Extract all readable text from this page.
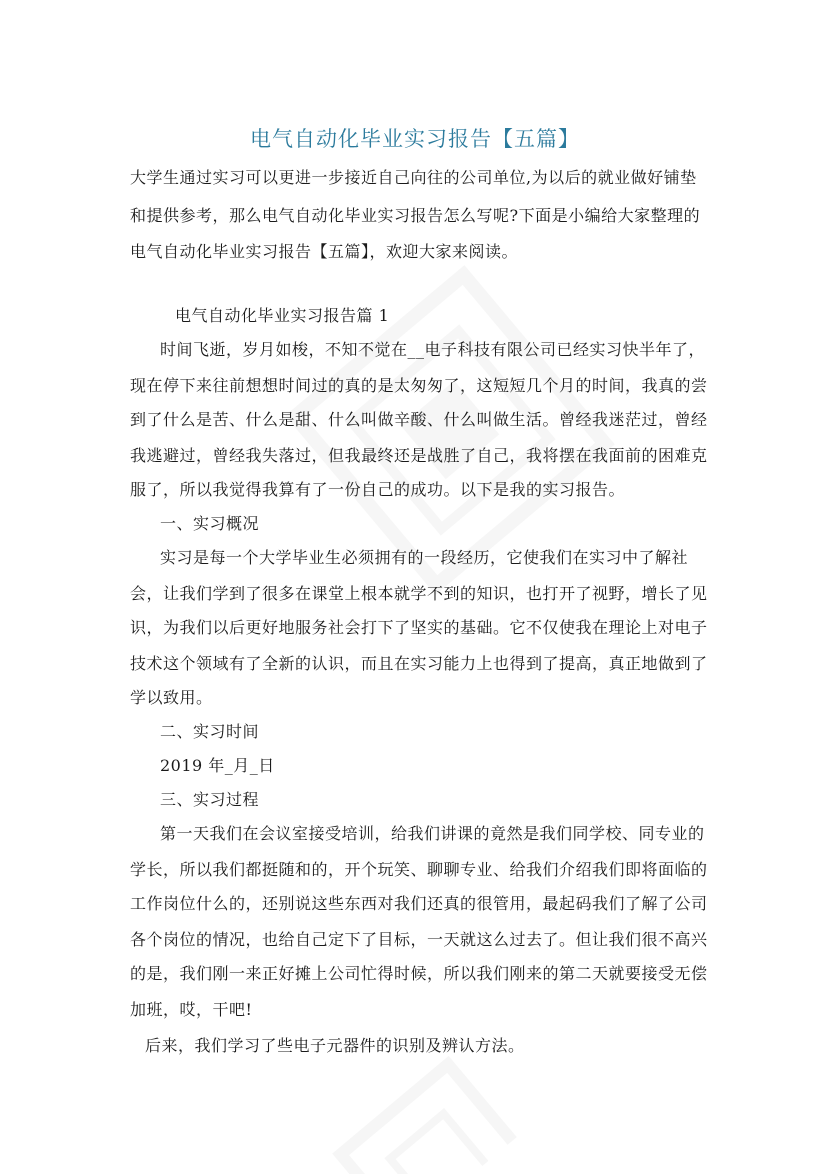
电气自动化毕业实习报告【五篇】
大学生通过实习可以更进一步接近自己向往的公司单位,为以后的就业做好铺垫
和提供参考，那么电气自动化毕业实习报告怎么写呢?下面是小编给大家整理的
电气自动化毕业实习报告【五篇】，欢迎大家来阅读。
电气自动化毕业实习报告篇 1
时间飞逝，岁月如梭，不知不觉在__电子科技有限公司已经实习快半年了，
现在停下来往前想想时间过的真的是太匆匆了，这短短几个月的时间，我真的尝
到了什么是苦、什么是甜、什么叫做辛酸、什么叫做生活。曾经我迷茫过，曾经
我逃避过，曾经我失落过，但我最终还是战胜了自己，我将摆在我面前的困难克
服了，所以我觉得我算有了一份自己的成功。以下是我的实习报告。
一、实习概况
实习是每一个大学毕业生必须拥有的一段经历，它使我们在实习中了解社
会，让我们学到了很多在课堂上根本就学不到的知识，也打开了视野，增长了见
识，为我们以后更好地服务社会打下了坚实的基础。它不仅使我在理论上对电子
技术这个领域有了全新的认识，而且在实习能力上也得到了提高，真正地做到了
学以致用。
二、实习时间
2019 年_月_日
三、实习过程
第一天我们在会议室接受培训，给我们讲课的竟然是我们同学校、同专业的
学长，所以我们都挺随和的，开个玩笑、聊聊专业、给我们介绍我们即将面临的
工作岗位什么的，还别说这些东西对我们还真的很管用，最起码我们了解了公司
各个岗位的情况，也给自己定下了目标，一天就这么过去了。但让我们很不高兴
的是，我们刚一来正好摊上公司忙得时候，所以我们刚来的第二天就要接受无偿
加班，哎，干吧!
后来，我们学习了些电子元器件的识别及辨认方法。
